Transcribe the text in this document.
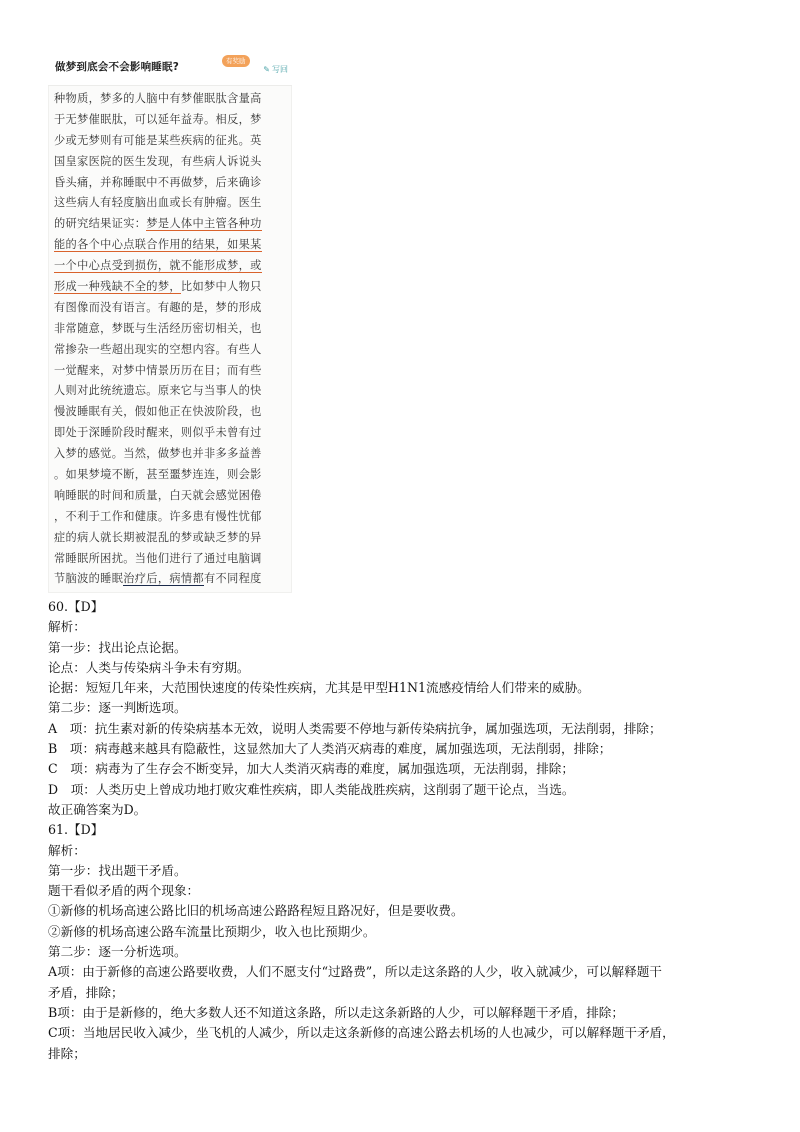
做梦到底会不会影响睡眠?	有奖励
✎ 写回
种物质，梦多的人脑中有梦催眠肽含量高
于无梦催眠肽，可以延年益寿。相反，梦
少或无梦则有可能是某些疾病的征兆。英
国皇家医院的医生发现，有些病人诉说头
昏头痛，并称睡眠中不再做梦，后来确诊
这些病人有轻度脑出血或长有肿瘤。医生
的研究结果证实：梦是人体中主管各种功
能的各个中心点联合作用的结果，如果某
一个中心点受到损伤，就不能形成梦，或
形成一种残缺不全的梦，比如梦中人物只
有图像而没有语言。有趣的是，梦的形成
非常随意，梦既与生活经历密切相关，也
常掺杂一些超出现实的空想内容。有些人
一觉醒来，对梦中情景历历在目；而有些
人则对此统统遗忘。原来它与当事人的快
慢波睡眠有关，假如他正在快波阶段，也
即处于深睡阶段时醒来，则似乎未曾有过
入梦的感觉。当然，做梦也并非多多益善
。如果梦境不断，甚至噩梦连连，则会影
响睡眠的时间和质量，白天就会感觉困倦
，不利于工作和健康。许多患有慢性忧郁
症的病人就长期被混乱的梦或缺乏梦的异
常睡眠所困扰。当他们进行了通过电脑调
节脑波的睡眠治疗后，病情都有不同程度
60.【D】
解析：
第一步：找出论点论据。
论点：人类与传染病斗争未有穷期。
论据：短短几年来，大范围快速度的传染性疾病，尤其是甲型H1N1流感疫情给人们带来的威胁。
第二步：逐一判断选项。
A　项：抗生素对新的传染病基本无效，说明人类需要不停地与新传染病抗争，属加强选项，无法削弱，排除；
B　项：病毒越来越具有隐蔽性，这显然加大了人类消灭病毒的难度，属加强选项，无法削弱，排除；
C　项：病毒为了生存会不断变异，加大人类消灭病毒的难度，属加强选项，无法削弱，排除；
D　项：人类历史上曾成功地打败灾难性疾病，即人类能战胜疾病，这削弱了题干论点，当选。
故正确答案为D。
61.【D】
解析：
第一步：找出题干矛盾。
题干看似矛盾的两个现象：
①新修的机场高速公路比旧的机场高速公路路程短且路况好，但是要收费。
②新修的机场高速公路车流量比预期少，收入也比预期少。
第二步：逐一分析选项。
A项：由于新修的高速公路要收费，人们不愿支付“过路费”，所以走这条路的人少，收入就减少，可以解释题干
矛盾，排除；
B项：由于是新修的，绝大多数人还不知道这条路，所以走这条新路的人少，可以解释题干矛盾，排除；
C项：当地居民收入减少，坐飞机的人减少，所以走这条新修的高速公路去机场的人也减少，可以解释题干矛盾，
排除；
